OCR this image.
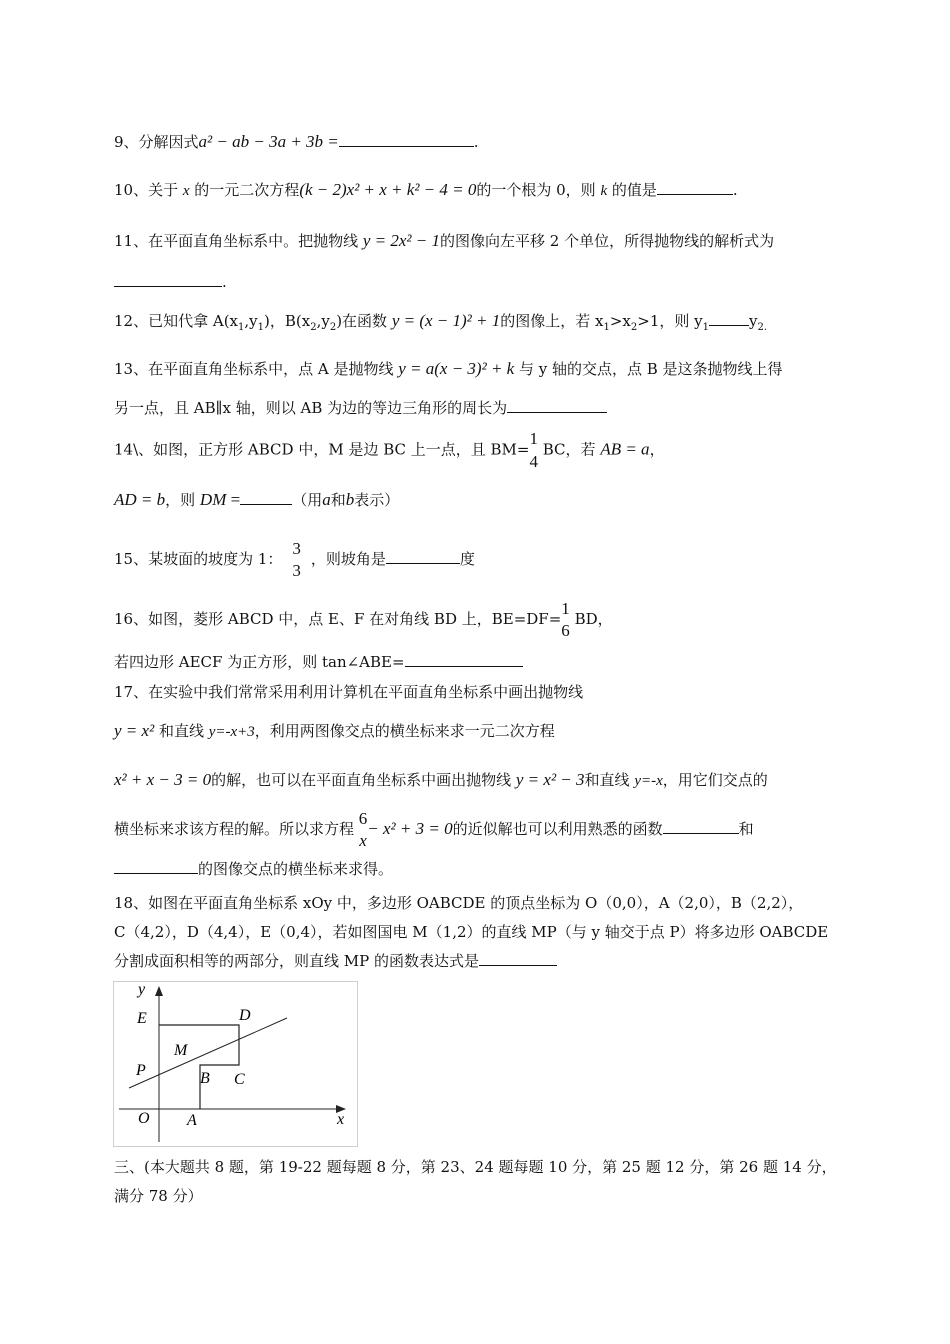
9、分解因式a² − ab − 3a + 3b =	.
10、关于 x 的一元二次方程(k − 2)x² + x + k² − 4 = 0的一个根为 0，则 k 的值是	.
11、在平面直角坐标系中。把抛物线 y = 2x² − 1的图像向左平移 2 个单位，所得抛物线的解析式为
.
12、已知代拿 $A(x_1,y_1)$，$B(x_2,y_2)$在函数 y = (x − 1)² + 1的图像上，若 $x_1>x_2>1$，则 $y_1$	$y_{2.}$
13、在平面直角坐标系中，点 A 是抛物线 y = a(x − 3)² + k 与 y 轴的交点，点 B 是这条抛物线上得
另一点，且 AB∥x 轴，则以 AB 为边的等边三角形的周长为
14\、如图，正方形 ABCD 中，M 是边 BC 上一点，且 $BM= \frac{1}{4}$ BC，若 AB = a，
AD = b，则 DM =	（用a和b表示）
15、某坡面的坡度为 1：
3
3
，则坡角是	度
16、如图，菱形 ABCD 中，点 E、F 在对角线 BD 上，BE=DF=
1
6
BD，
若四边形 AECF 为正方形，则 tan∠ABE=
17、在实验中我们常常采用利用计算机在平面直角坐标系中画出抛物线
y = x² 和直线 y=-x+3，利用两图像交点的横坐标来求一元二次方程
x² + x − 3 = 0的解，也可以在平面直角坐标系中画出抛物线 y = x² − 3和直线 y=-x，用它们交点的
横坐标来求该方程的解。所以求方程
6
x
− x² + 3 = 0的近似解也可以利用熟悉的函数	和
的图像交点的横坐标来求得。
18、如图在平面直角坐标系 xOy 中，多边形 OABCDE 的顶点坐标为 O（0,0），A（2,0），B（2,2），
C（4,2），D（4,4），E（0,4），若如图国电 M（1,2）的直线 MP（与 y 轴交于点 P）将多边形 OABCDE
分割成面积相等的两部分，则直线 MP 的函数表达式是
y
x
O A
B C
D
E
M
P
三、(本大题共 8 题，第 19-22 题每题 8 分，第 23、24 题每题 10 分，第 25 题 12 分，第 26 题 14 分，
满分 78 分）
